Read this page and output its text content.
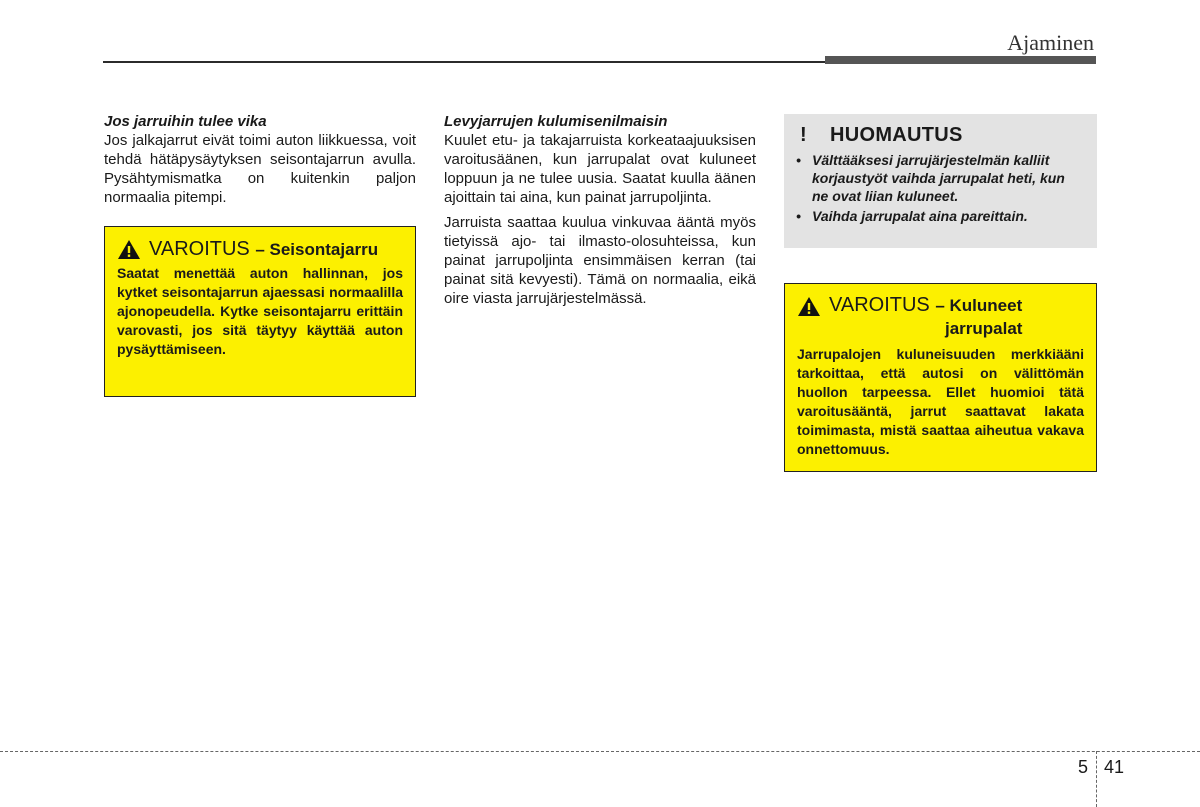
Ajaminen

Jos jarruihin tulee vika

Jos jalkajarrut eivät toimi auton liikkuessa, voit tehdä hätäpysäytyksen seisontajarrun avulla. Pysähtymismatka on kuitenkin paljon normaalia pitempi.

VAROITUS – Seisontajarru

Saatat menettää auton hallinnan, jos kytket seisontajarrun ajaessasi normaalilla ajonopeudella. Kytke seisontajarru erittäin varovasti, jos sitä täytyy käyttää auton pysäyttämiseen.

Levyjarrujen kulumisenilmaisin

Kuulet etu- ja takajarruista korkeataajuuksisen varoitusäänen, kun jarrupalat ovat kuluneet loppuun ja ne tulee uusia. Saatat kuulla äänen ajoittain tai aina, kun painat jarrupoljinta.

Jarruista saattaa kuulua vinkuvaa ääntä myös tietyissä ajo- tai ilmasto-olosuhteissa, kun painat jarrupoljinta ensimmäisen kerran (tai painat sitä kevyesti). Tämä on normaalia, eikä oire viasta jarrujärjestelmässä.

!	HUOMAUTUS
• Välttääksesi jarrujärjestelmän kalliit korjaustyöt vaihda jarrupalat heti, kun ne ovat liian kuluneet.
• Vaihda jarrupalat aina pareittain.
VAROITUS – Kuluneet
jarrupalat

Jarrupalojen kuluneisuuden merkkiääni tarkoittaa, että autosi on välittömän huollon tarpeessa. Ellet huomioi tätä varoitusääntä, jarrut saattavat lakata toimimasta, mistä saattaa aiheutua vakava onnettomuus.

5 41
